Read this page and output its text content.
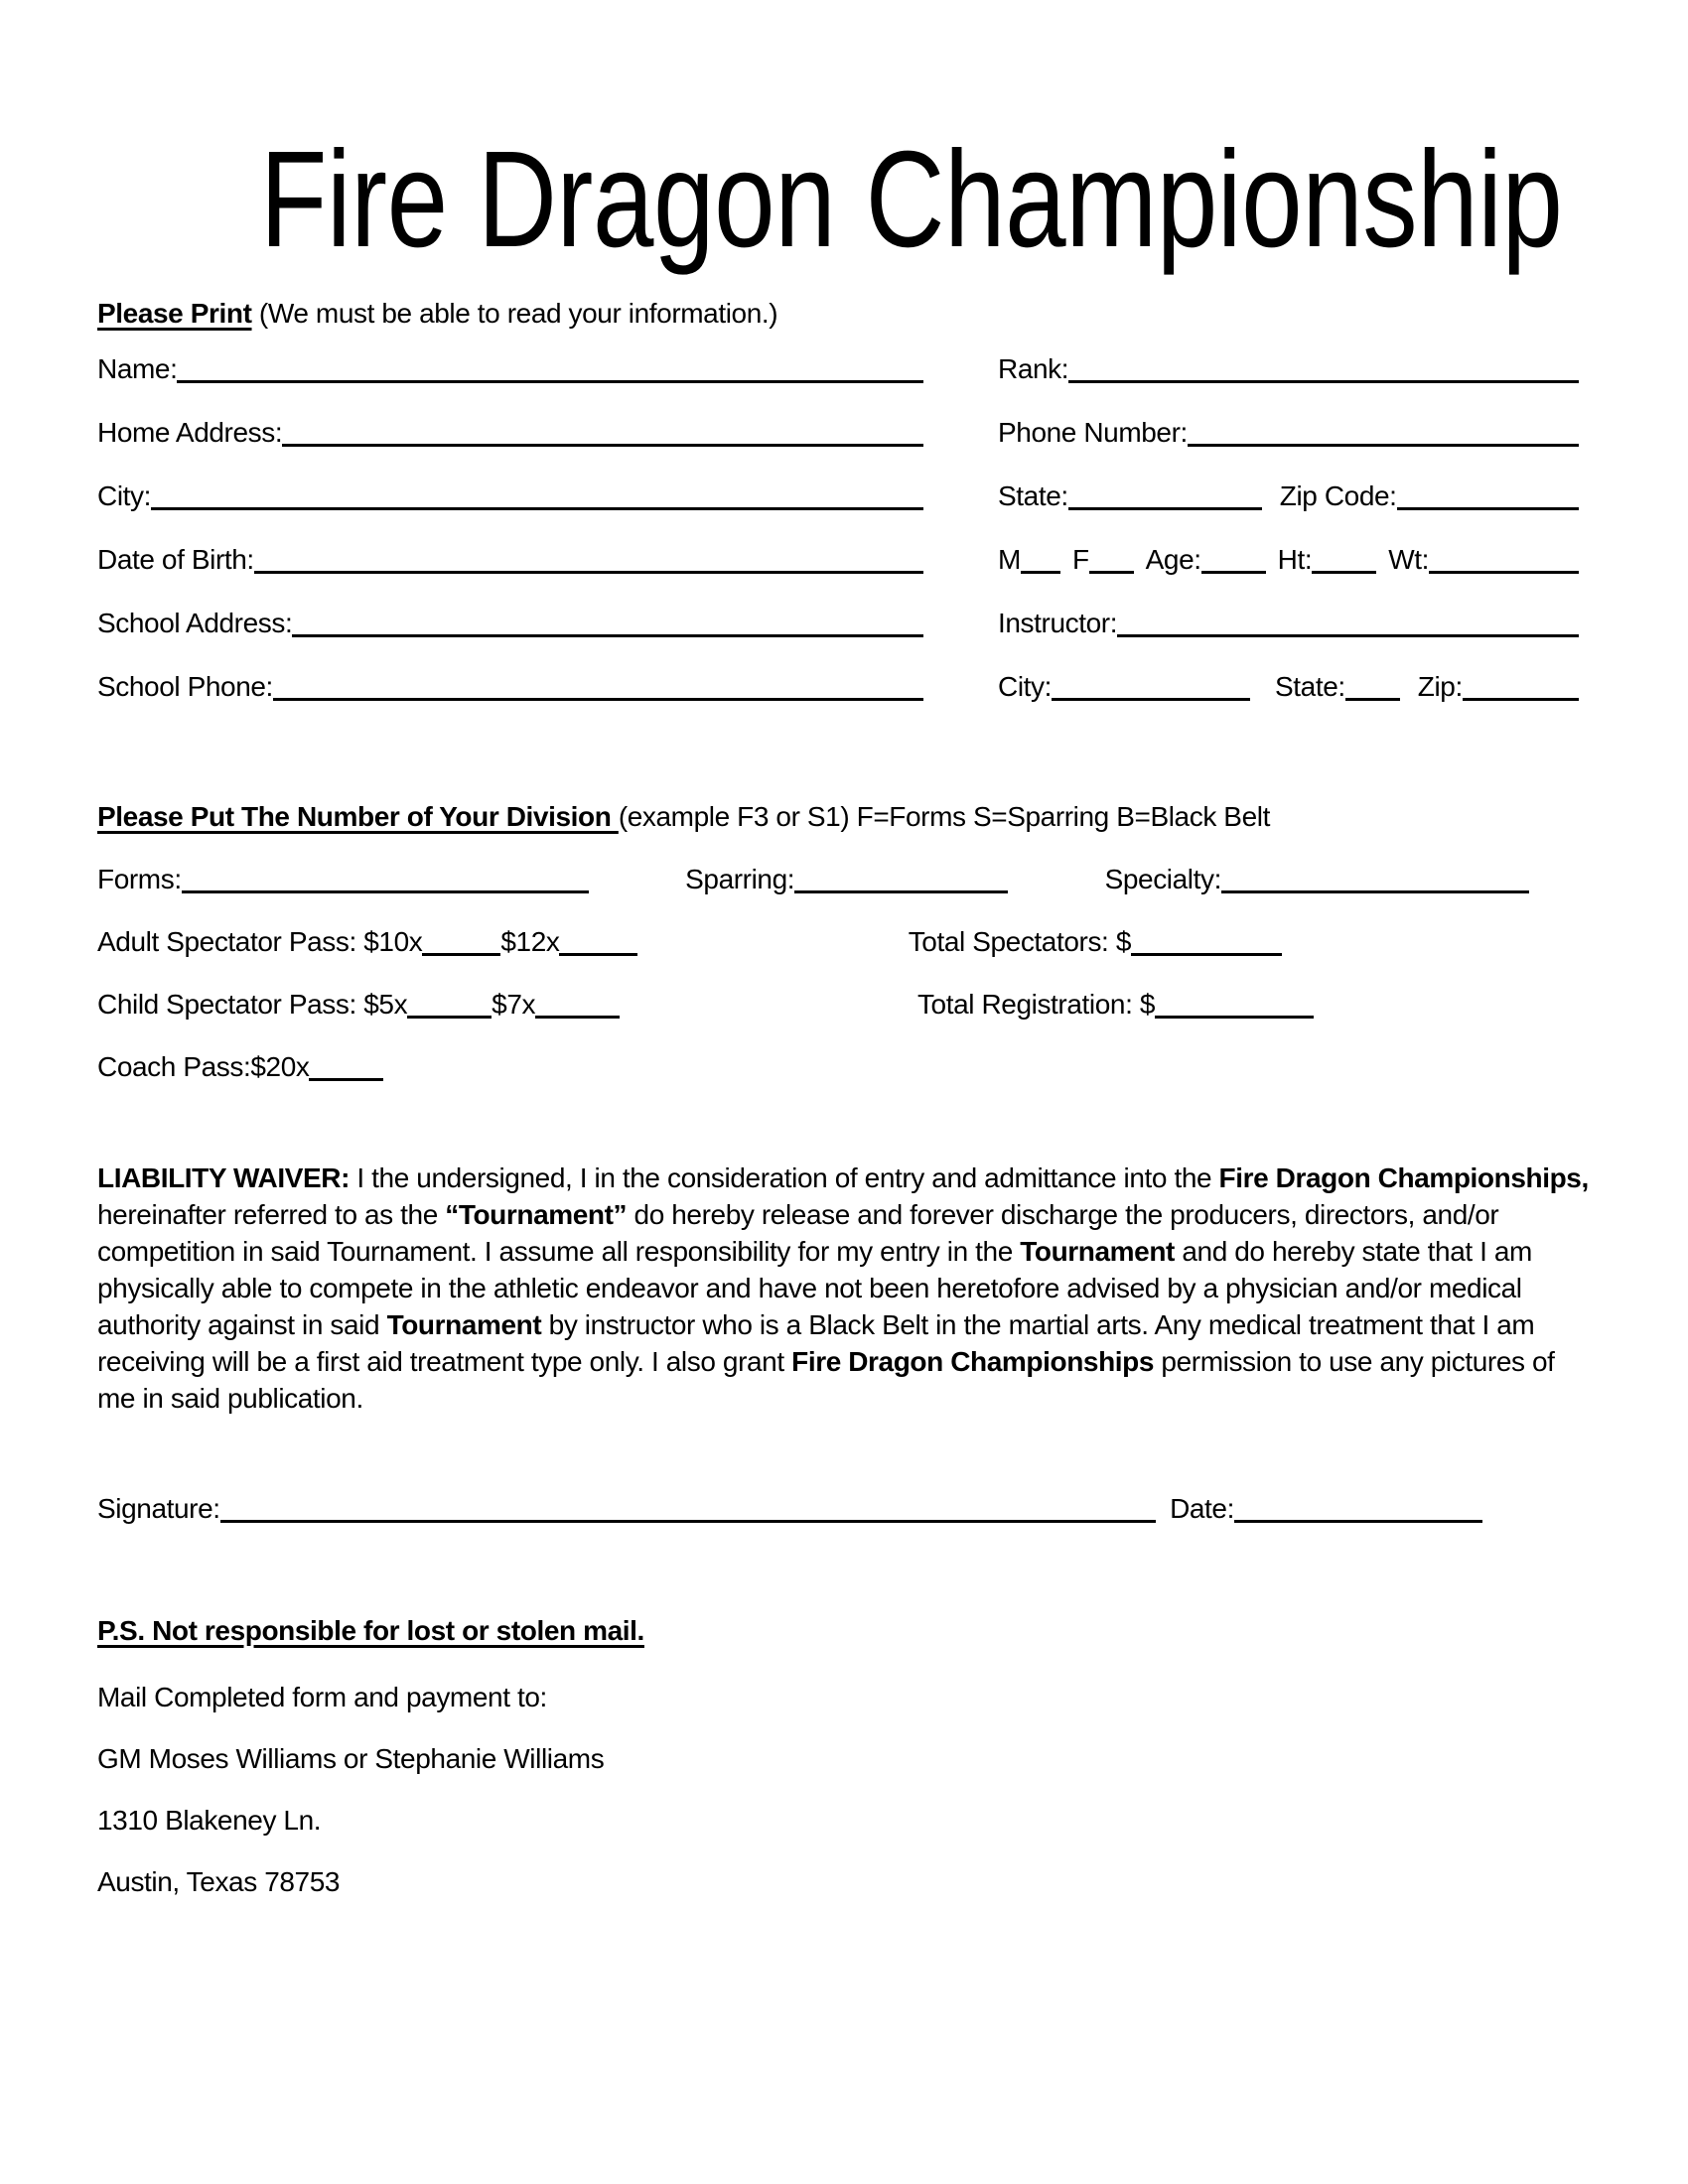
Fire Dragon Championship
Please Print (We must be able to read your information.)
Name:	Rank:
Home Address:	Phone Number:
City:	State:	Zip Code:
Date of Birth:	M F Age:	Ht:	Wt:
School Address:	Instructor:
School Phone:	City:	State:	Zip:
Please Put The Number of Your Division (example F3 or S1) F=Forms S=Sparring B=Black Belt
Forms:	Sparring:	Specialty:
Adult Spectator Pass: $10x	$12x	Total Spectators: $
Child Spectator Pass: $5x	$7x	Total Registration: $
Coach Pass:$20x
LIABILITY WAIVER: I the undersigned, I in the consideration of entry and admittance into the Fire Dragon Championships, hereinafter referred to as the “Tournament” do hereby release and forever discharge the producers, directors, and/or competition in said Tournament. I assume all responsibility for my entry in the Tournament and do hereby state that I am physically able to compete in the athletic endeavor and have not been heretofore advised by a physician and/or medical authority against in said Tournament by instructor who is a Black Belt in the martial arts. Any medical treatment that I am receiving will be a first aid treatment type only. I also grant Fire Dragon Championships permission to use any pictures of me in said publication.
Signature:	Date:
P.S. Not responsible for lost or stolen mail.

Mail Completed form and payment to:

GM Moses Williams or Stephanie Williams

1310 Blakeney Ln.

Austin, Texas 78753
